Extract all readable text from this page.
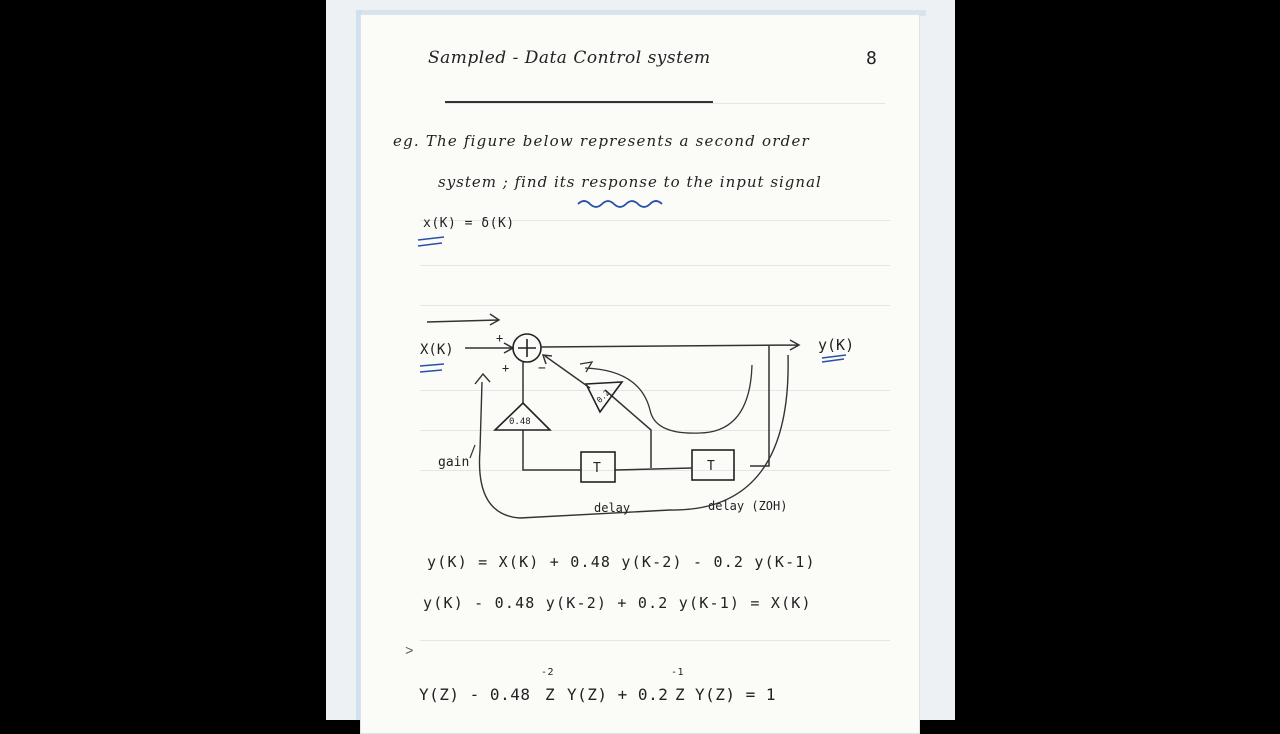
Sampled - Data Control system	8
eg. The figure below represents a second order
system ; find its response to the input signal
x(K) = δ(K)
X(K)	y(K)
+
+ −
0.48
0.2
gain	T	T
delay	delay (ZOH)
y(K) = X(K) + 0.48 y(K-2) - 0.2 y(K-1)
y(K) - 0.48 y(K-2) + 0.2 y(K-1) = X(K)
˃
Y(Z) - 0.48 Z
-2
Y(Z) + 0.2 Z
-1
Y(Z) = 1
